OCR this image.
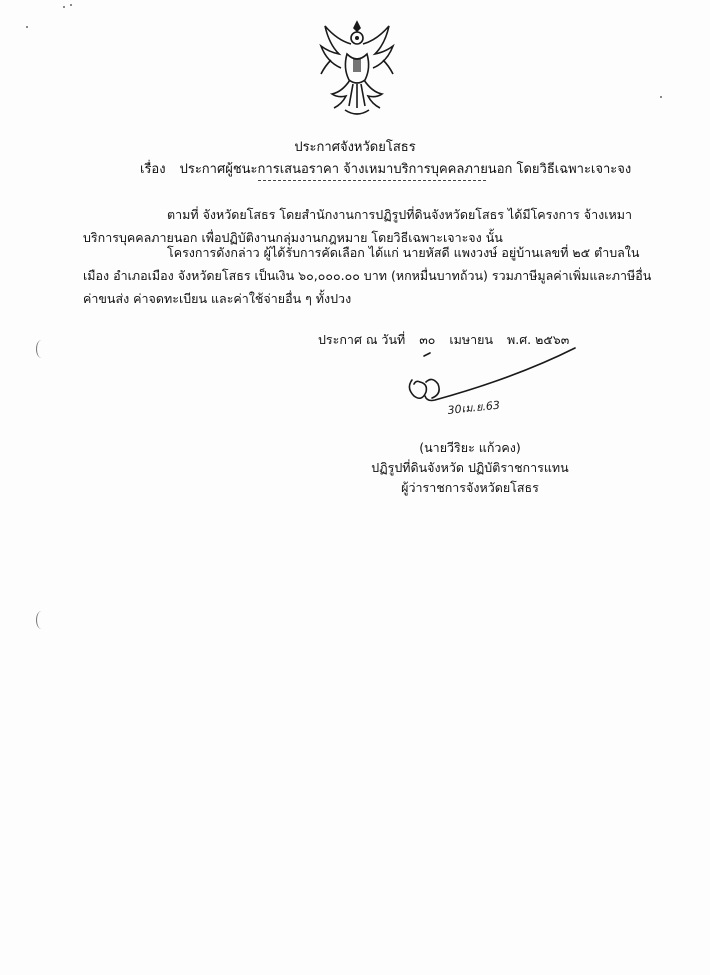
ประกาศจังหวัดยโสธร
เรื่อง ประกาศผู้ชนะการเสนอราคา จ้างเหมาบริการบุคคลภายนอก โดยวิธีเฉพาะเจาะจง
ตามที่ จังหวัดยโสธร โดยสำนักงานการปฏิรูปที่ดินจังหวัดยโสธร ได้มีโครงการ จ้างเหมาบริการบุคคลภายนอก เพื่อปฏิบัติงานกลุ่มงานกฎหมาย โดยวิธีเฉพาะเจาะจง นั้น
โครงการดังกล่าว ผู้ได้รับการคัดเลือก ได้แก่ นายหัสดี แพงวงษ์ อยู่บ้านเลขที่ ๒๕ ตำบลในเมือง อำเภอเมือง จังหวัดยโสธร เป็นเงิน ๖๐,๐๐๐.๐๐ บาท (หกหมื่นบาทถ้วน) รวมภาษีมูลค่าเพิ่มและภาษีอื่น ค่าขนส่ง ค่าจดทะเบียน และค่าใช้จ่ายอื่น ๆ ทั้งปวง
ประกาศ ณ วันที่ ๓๐ เมษายน พ.ศ. ๒๕๖๓
30เม.ย.63
(นายวีริยะ แก้วคง)
ปฏิรูปที่ดินจังหวัด ปฏิบัติราชการแทน
ผู้ว่าราชการจังหวัดยโสธร
